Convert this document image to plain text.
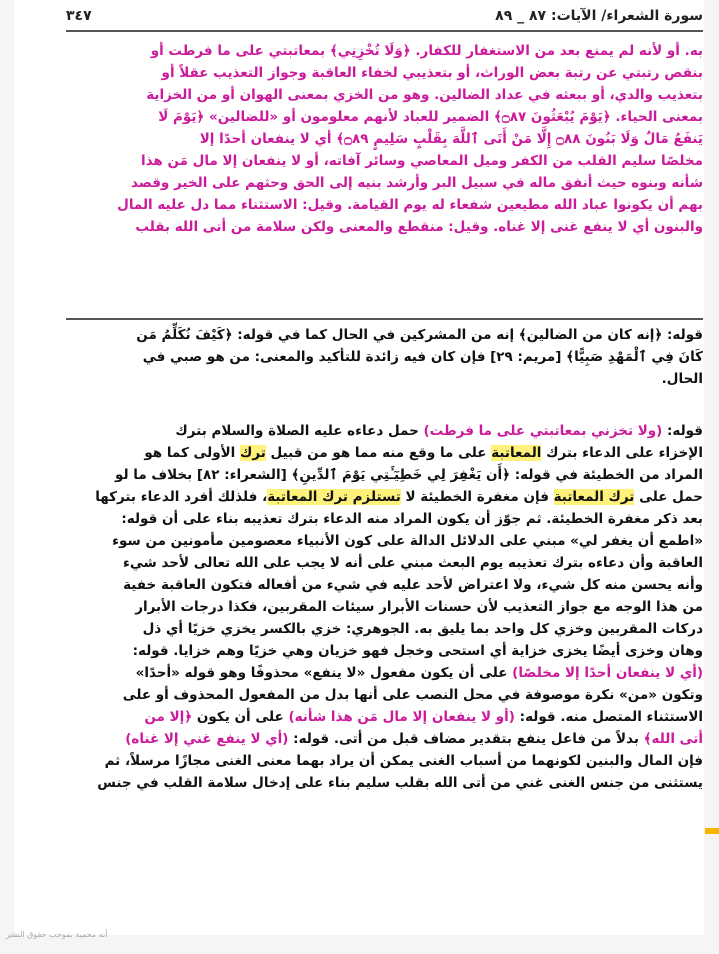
سورة الشعراء/ الآيات: ٨٧ _ ٨٩
٣٤٧
به. أو لأنه لم يمنع بعد من الاستغفار للكفار. ﴿وَلَا تُخْزِنِي﴾ بمعاتبتي على ما فرطت أو
بنقص رتبتي عن رتبة بعض الوراث، أو بتعذيبي لخفاء العاقبة وجواز التعذيب عقلاً أو
بتعذيب والدي، أو ببعثه في عداد الضالين. وهو من الخزي بمعنى الهوان أو من الخزاية
بمعنى الحياء. ﴿يَوْمَ يُبْعَثُونَ ۝٨٧﴾ الضمير للعباد لأنهم معلومون أو «للضالين» ﴿يَوْمَ لَا
يَنفَعُ مَالٌ وَلَا بَنُونَ ۝٨٨ إِلَّا مَنْ أَتَى ٱللَّهَ بِقَلْبٍ سَلِيمٍ ۝٨٩﴾ أي لا ينفعان أحدًا إلا
مخلصًا سليم القلب من الكفر وميل المعاصي وسائر آفاته، أو لا ينفعان إلا مال مَن هذا
شأنه وبنوه حيث أنفق ماله في سبيل البر وأرشد بنيه إلى الحق وحثهم على الخير وقصد
بهم أن يكونوا عباد الله مطيعين شفعاء له يوم القيامة. وقيل: الاستثناء مما دل عليه المال
والبنون أي لا ينفع غنى إلا غناه. وقيل: منقطع والمعنى ولكن سلامة من أتى الله بقلب
قوله: ﴿إنه كان من الضالين﴾ إنه من المشركين في الحال كما في قوله: ﴿كَيْفَ نُكَلِّمُ مَن
كَانَ فِي ٱلْمَهْدِ صَبِيًّا﴾ [مريم: ٢٩] فإن كان فيه زائدة للتأكيد والمعنى: من هو صبي في
الحال.
قوله: (ولا تخزني بمعاتبتي على ما فرطت) حمل دعاءه عليه الصلاة والسلام بترك
الإخزاء على الدعاء بترك المعاتبة على ما وقع منه مما هو من قبيل ترك الأولى كما هو
المراد من الخطيئة في قوله: ﴿أَن يَغْفِرَ لِي خَطِيٓـَٔتِي يَوْمَ ٱلدِّينِ﴾ [الشعراء: ٨٢] بخلاف ما لو
حمل على ترك المعاتبة فإن مغفرة الخطيئة لا تستلزم ترك المعاتبة، فلذلك أفرد الدعاء بتركها
بعد ذكر مغفرة الخطيئة. ثم جوّز أن يكون المراد منه الدعاء بترك تعذيبه بناء على أن قوله:
«اطمع أن يغفر لي» مبني على الدلائل الدالة على كون الأنبياء معصومين مأمونين من سوء
العاقبة وأن دعاءه بترك تعذيبه يوم البعث مبني على أنه لا يجب على الله تعالى لأحد شيء
وأنه يحسن منه كل شيء، ولا اعتراض لأحد عليه في شيء من أفعاله فتكون العاقبة خفية
من هذا الوجه مع جواز التعذيب لأن حسنات الأبرار سيئات المقربين، فكذا درجات الأبرار
دركات المقربين وخزي كل واحد بما يليق به. الجوهري: خزي بالكسر يخزي خزيًا أي ذل
وهان وخزى أيضًا يخزى خزاية أي استحى وخجل فهو خزيان وهي خزيًا وهم خزايا. قوله:
(أي لا ينفعان أحدًا إلا مخلصًا) على أن يكون مفعول «لا ينفع» محذوفًا وهو قوله «أحدًا»
وتكون «من» نكرة موصوفة في محل النصب على أنها بدل من المفعول المحذوف أو على
الاستثناء المتصل منه. قوله: (أو لا ينفعان إلا مال مَن هذا شأنه) على أن يكون ﴿إلا من
أتى الله﴾ بدلاً من فاعل ينفع بتقدير مضاف قبل من أتى. قوله: (أي لا ينفع غني إلا غناه)
فإن المال والبنين لكونهما من أسباب الغنى يمكن أن يراد بهما معنى الغنى مجازًا مرسلاً، ثم
يستثنى من جنس الغنى غني من أتى الله بقلب سليم بناء على إدخال سلامة القلب في جنس
أنه محمية بموجب حقوق النشر
